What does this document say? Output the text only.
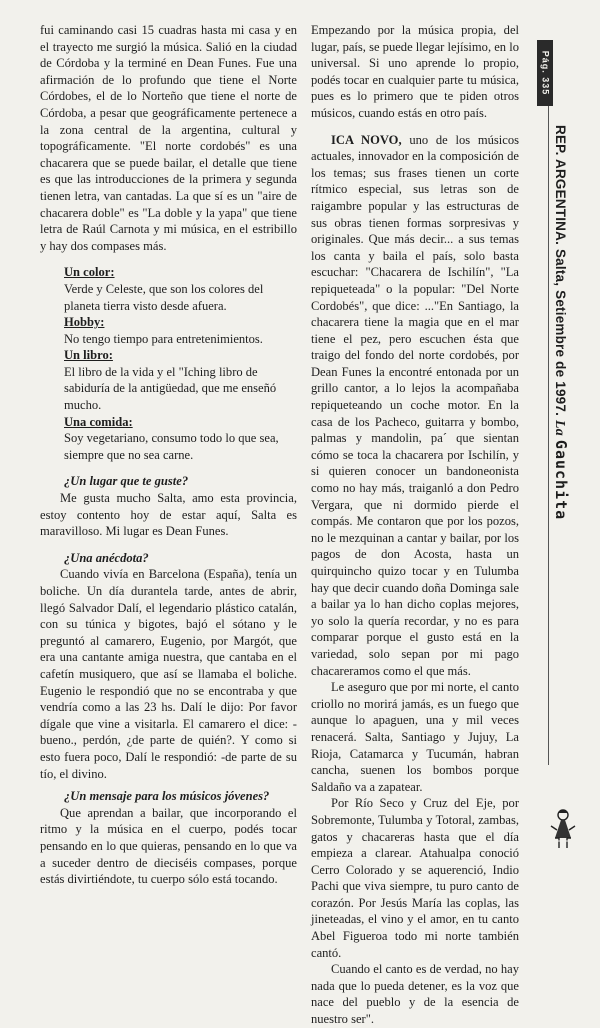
fui caminando casi 15 cuadras hasta mi casa y en el trayecto me surgió la música. Salió en la ciudad de Córdoba y la terminé en Dean Funes. Fue una afirmación de lo profundo que tiene el Norte Córdobes, el de lo Norteño que tiene el norte de Córdoba, a pesar que geográficamente pertenece a la zona central de la argentina, cultural y topográficamente. "El norte cordobés" es una chacarera que se puede bailar, el detalle que tiene es que las introducciones de la primera y segunda tienen letra, van cantadas. La que sí es un "aire de chacarera doble" es "La doble y la yapa" que tiene letra de Raúl Carnota y mi música, en el estribillo y hay dos compases más.

Un color:

Verde y Celeste, que son los colores del planeta tierra visto desde afuera.

Hobby:

No tengo tiempo para entretenimientos.

Un libro:

El libro de la vida y el "Iching libro de sabiduría de la antigüedad, que me enseñó mucho.

Una comida:

Soy vegetariano, consumo todo lo que sea, siempre que no sea carne.

¿Un lugar que te guste?

Me gusta mucho Salta, amo esta provincia, estoy contento hoy de estar aquí, Salta es maravilloso. Mi lugar es Dean Funes.

¿Una anécdota?

Cuando vivía en Barcelona (España), tenía un boliche. Un día durantela tarde, antes de abrir, llegó Salvador Dalí, el legendario plástico catalán, con su túnica y bigotes, bajó el sótano y le preguntó al camarero, Eugenio, por Margót, que era una cantante amiga nuestra, que cantaba en el cafetín musiquero, que así se llamaba el boliche. Eugenio le respondió que no se encontraba y que vendría como a las 23 hs. Dalí le dijo: Por favor dígale que vine a visitarla. El camarero el dice: -bueno., perdón, ¿de parte de quién?. Y como si esto fuera poco, Dalí le respondió: -de parte de su tío, el divino.

¿Un mensaje para los músicos jóvenes?

Que aprendan a bailar, que incorporando el ritmo y la música en el cuerpo, podés tocar pensando en lo que quieras, pensando en lo que va a suceder dentro de dieciséis compases, porque estás divirtiéndote, tu cuerpo sólo está tocando.

Empezando por la música propia, del lugar, país, se puede llegar lejísimo, en lo universal. Si uno aprende lo propio, podés tocar en cualquier parte tu música, pues es lo primero que te piden otros músicos, cuando estás en otro país.

ICA NOVO, uno de los músicos actuales, innovador en la composición de los temas; sus frases tienen un corte rítmico especial, sus letras son de raigambre popular y las estructuras de sus obras tienen formas sorpresivas y originales. Que más decir... a sus temas los canta y baila el país, solo basta escuchar: "Chacarera de Ischilín", "La repiqueteada" o la popular: "Del Norte Cordobés", que dice: ..."En Santiago, la chacarera tiene la magia que en el mar tiene el pez, pero escuchen ésta que traigo del fondo del norte cordobés, por Dean Funes la encontré entonada por un grillo cantor, a lo lejos la acompañaba repiqueteando un coche motor. En la casa de los Pacheco, guitarra y bombo, palmas y mandolin, pa´ que sientan cómo se toca la chacarera por Ischilín, y si quieren conocer un bandoneonista como no hay más, traiganló a don Pedro Vergara, que ni dormido pierde el compás. Me contaron que por los pozos, no le mezquinan a cantar y bailar, por los pagos de don Acosta, hasta un quirquincho quizo tocar y en Tulumba hay que decir cuando doña Dominga sale a bailar ya lo han dicho coplas mejores, yo solo la quería recordar, y no es para comparar porque el gusto está en la variedad, solo sepan por mi pago chacareramos como el que más.

Le aseguro que por mi norte, el canto criollo no morirá jamás, es un fuego que aunque lo apaguen, una y mil veces renacerá. Salta, Santiago y Jujuy, La Rioja, Catamarca y Tucumán, habran cancha, suenen los bombos porque Saldaño va a zapatear.

Por Río Seco y Cruz del Eje, por Sobremonte, Tulumba y Totoral, zambas, gatos y chacareras hasta que el día empieza a clarear. Atahualpa conoció Cerro Colorado y se aquerenció, Indio Pachi que viva siempre, tu puro canto de corazón. Por Jesús María las coplas, las jineteadas, el vino y el amor, en tu canto Abel Figueroa todo mi norte también cantó.

Cuando el canto es de verdad, no hay nada que lo pueda detener, es la voz que nace del pueblo y de la esencia de nuestro ser".

Pág. 335
REP. ARGENTINA. Salta, Setiembre de 1997. La Gauchita
